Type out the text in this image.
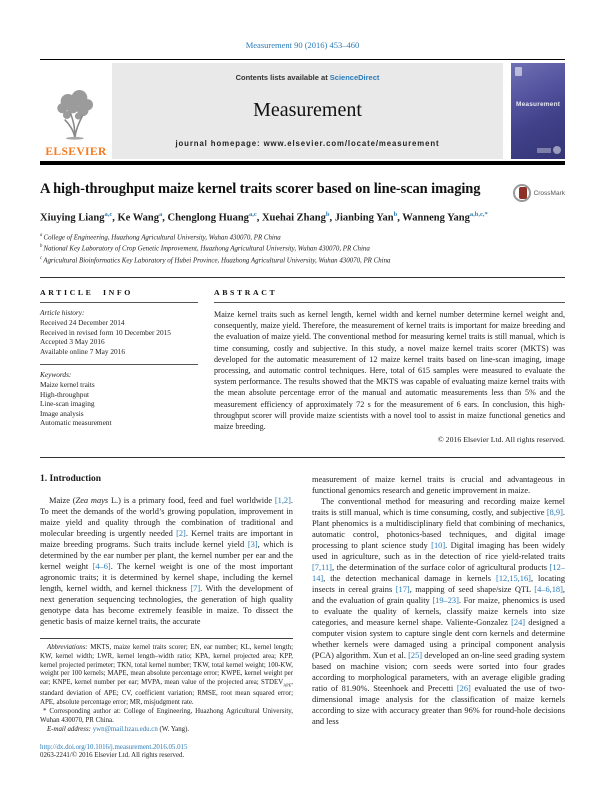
Measurement 90 (2016) 453–460
ELSEVIER
Contents lists available at ScienceDirect
Measurement
journal homepage: www.elsevier.com/locate/measurement
Measurement
A high-throughput maize kernel traits scorer based on line-scan imaging	CrossMark
Xiuying Liang$^{a,c}$, Ke Wang$^a$, Chenglong Huang$^{a,c}$, Xuehai Zhang$^b$, Jianbing Yan$^b$, Wanneng Yang$^{a,b,c,*}$
$^a$ College of Engineering, Huazhong Agricultural University, Wuhan 430070, PR China
$^b$ National Key Laboratory of Crop Genetic Improvement, Huazhong Agricultural University, Wuhan 430070, PR China
$^c$ Agricultural Bioinformatics Key Laboratory of Hubei Province, Huazhong Agricultural University, Wuhan 430070, PR China
ARTICLE INFO
Article history:
Received 24 December 2014
Received in revised form 10 December 2015
Accepted 3 May 2016
Available online 7 May 2016
Keywords:
Maize kernel traits
High-throughput
Line-scan imaging
Image analysis
Automatic measurement
ABSTRACT
Maize kernel traits such as kernel length, kernel width and kernel number determine kernel weight and, consequently, maize yield. Therefore, the measurement of kernel traits is important for maize breeding and the evaluation of maize yield. The conventional method for measuring kernel traits is still manual, which is time consuming, costly and subjective. In this study, a novel maize kernel traits scorer (MKTS) was developed for the automatic measurement of 12 maize kernel traits based on line-scan imaging, image processing, and automatic control techniques. Here, total of 615 samples were measured to evaluate the system performance. The results showed that the MKTS was capable of evaluating maize kernel traits with the mean absolute percentage error of the manual and automatic measurements less than 5% and the measurement efficiency of approximately 72 s for the measurement of 6 ears. In conclusion, this high-throughput scorer will provide maize scientists with a novel tool to assist in maize functional genetics and maize breeding.
© 2016 Elsevier Ltd. All rights reserved.
1. Introduction

Maize (Zea mays L.) is a primary food, feed and fuel worldwide [1,2]. To meet the demands of the world’s growing population, improvement in maize yield and quality through the combination of traditional and molecular breeding is urgently needed [2]. Kernel traits are important in maize breeding programs. Such traits include kernel yield [3], which is determined by the ear number per plant, the kernel number per ear and the kernel weight [4–6]. The kernel weight is one of the most important agronomic traits; it is determined by kernel shape, including the kernel length, kernel width, and kernel thickness [7]. With the development of next generation sequencing technologies, the generation of high quality genotype data has become extremely feasible in maize. To dissect the genetic basis of maize kernel traits, the accurate

Abbreviations: MKTS, maize kernel traits scorer; EN, ear number; KL, kernel length; KW, kernel width; LWR, kernel length–width ratio; KPA, kernel projected area; KPP, kernel projected perimeter; TKN, total kernel number; TKW, total kernel weight; 100-KW, weight per 100 kernels; MAPE, mean absolute percentage error; KWPE, kernel weight per ear; KNPE, kernel number per ear; MVPA, mean value of the projected area; $STDEV_{APE}$, standard deviation of APE; CV, coefficient variation; RMSE, root mean squared error; APE, absolute percentage error; MR, misjudgment rate.

* Corresponding author at: College of Engineering, Huazhong Agricultural University, Wuhan 430070, PR China.

E-mail address: ywn@mail.hzau.edu.cn (W. Yang).

http://dx.doi.org/10.1016/j.measurement.2016.05.015
0263-2241/© 2016 Elsevier Ltd. All rights reserved.

measurement of maize kernel traits is crucial and advantageous in functional genomics research and genetic improvement in maize.

The conventional method for measuring and recording maize kernel traits is still manual, which is time consuming, costly, and subjective [8,9]. Plant phenomics is a multidisciplinary field that combining of mechanics, automatic control, photonics-based techniques, and digital image processing to plant science study [10]. Digital imaging has been widely used in agriculture, such as in the detection of rice yield-related traits [7,11], the determination of the surface color of agricultural products [12–14], the detection mechanical damage in kernels [12,15,16], locating insects in cereal grains [17], mapping of seed shape/size QTL [4–6,18], and the evaluation of grain quality [19–23]. For maize, phenomics is used to evaluate the quality of kernels, classify maize kernels into size categories, and measure kernel shape. Valiente-Gonzalez [24] designed a computer vision system to capture single dent corn kernels and determine whether kernels were damaged using a principal component analysis (PCA) algorithm. Xun et al. [25] developed an on-line seed grading system based on machine vision; corn seeds were sorted into four grades according to morphological parameters, with an average eligible grading ratio of 81.90%. Steenhoek and Precetti [26] evaluated the use of two-dimensional image analysis for the classification of maize kernels according to size with accuracy greater than 96% for round-hole decisions and less
